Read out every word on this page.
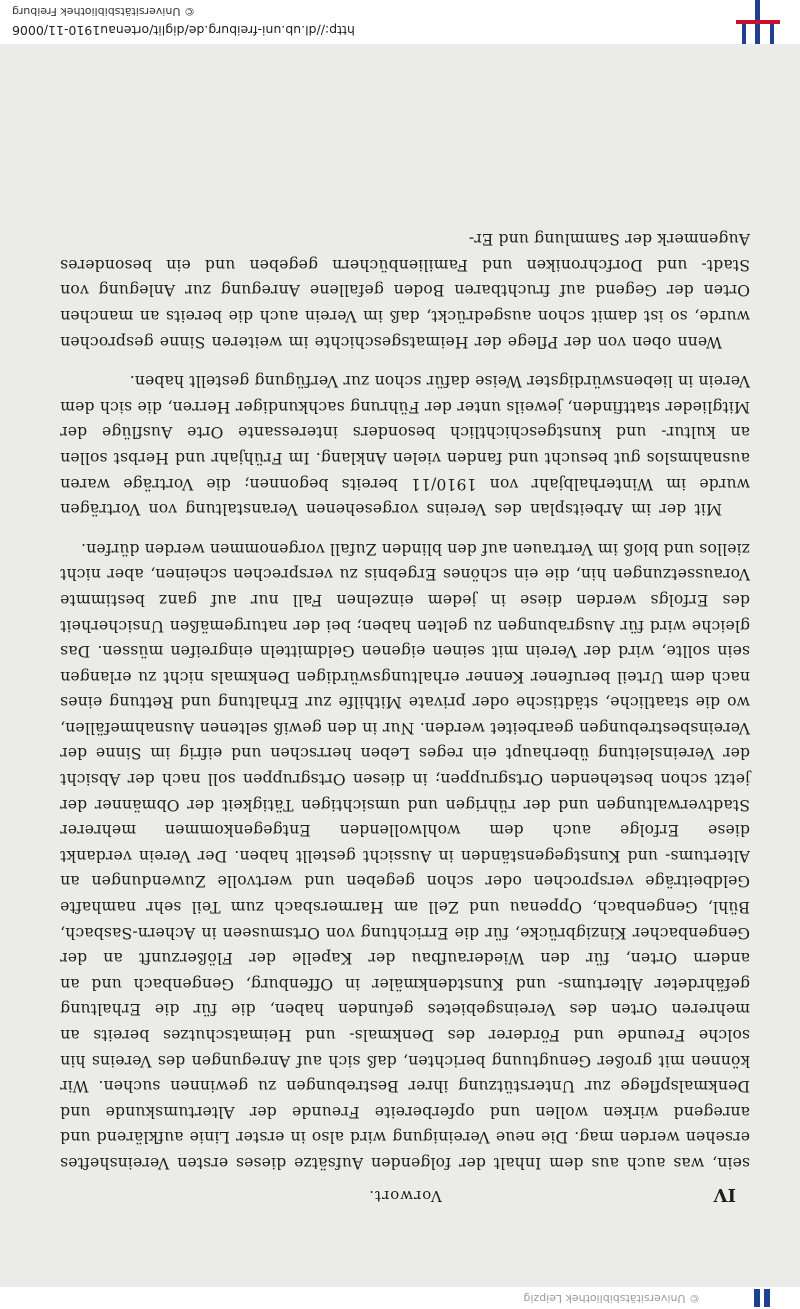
© Universitätsbibliothek Leipzig
IV
Vorwort.

sein, was auch aus dem Inhalt der folgenden Aufsätze dieses ersten Vereinsheftes ersehen werden mag. Die neue Vereinigung wird also in erster Linie aufklärend und anregend wirken wollen und opferbereite Freunde der Altertumskunde und Denkmalspflege zur Unterstützung ihrer Bestrebungen zu gewinnen suchen. Wir können mit großer Genugtuung berichten, daß sich auf Anregungen des Vereins hin solche Freunde und Förderer des Denkmals- und Heimatschutzes bereits an mehreren Orten des Vereinsgebietes gefunden haben, die für die Erhaltung gefährdeter Altertums- und Kunstdenkmäler in Offenburg, Gengenbach und an andern Orten, für den Wiederaufbau der Kapelle der Flößerzunft an der Gengenbacher Kinzigbrücke, für die Errichtung von Ortsmuseen in Achern-Sasbach, Bühl, Gengenbach, Oppenau und Zell am Harmersbach zum Teil sehr namhafte Geldbeiträge versprochen oder schon gegeben und wertvolle Zuwendungen an Altertums- und Kunstgegenständen in Aussicht gestellt haben. Der Verein verdankt diese Erfolge auch dem wohlwollenden Entgegenkommen mehrerer Stadtverwaltungen und der rührigen und umsichtigen Tätigkeit der Obmänner der jetzt schon bestehenden Ortsgruppen; in diesen Ortsgruppen soll nach der Absicht der Vereinsleitung überhaupt ein reges Leben herrschen und eifrig im Sinne der Vereinsbestrebungen gearbeitet werden. Nur in den gewiß seltenen Ausnahmefällen, wo die staatliche, städtische oder private Mithilfe zur Erhaltung und Rettung eines nach dem Urteil berufener Kenner erhaltungswürdigen Denkmals nicht zu erlangen sein sollte, wird der Verein mit seinen eigenen Geldmitteln eingreifen müssen. Das gleiche wird für Ausgrabungen zu gelten haben; bei der naturgemäßen Unsicherheit des Erfolgs werden diese in jedem einzelnen Fall nur auf ganz bestimmte Voraussetzungen hin, die ein schönes Ergebnis zu versprechen scheinen, aber nicht ziellos und bloß im Vertrauen auf den blinden Zufall vorgenommen werden dürfen.

Mit der im Arbeitsplan des Vereins vorgesehenen Veranstaltung von Vorträgen wurde im Winterhalbjahr von 1910/11 bereits begonnen; die Vorträge waren ausnahmslos gut besucht und fanden vielen Anklang. Im Frühjahr und Herbst sollen an kultur- und kunstgeschichtlich besonders interessante Orte Ausflüge der Mitglieder stattfinden, jeweils unter der Führung sachkundiger Herren, die sich dem Verein in liebenswürdigster Weise dafür schon zur Verfügung gestellt haben.

Wenn oben von der Pflege der Heimatsgeschichte im weiteren Sinne gesprochen wurde, so ist damit schon ausgedrückt, daß im Verein auch die bereits an manchen Orten der Gegend auf fruchtbaren Boden gefallene Anregung zur Anlegung von Stadt- und Dorfchroniken und Familienbüchern gegeben und ein besonderes Augenmerk der Sammlung und Er-

http://dl.ub.uni-freiburg.de/diglit/ortenau1910-11/0006
© Universitätsbibliothek Freiburg
